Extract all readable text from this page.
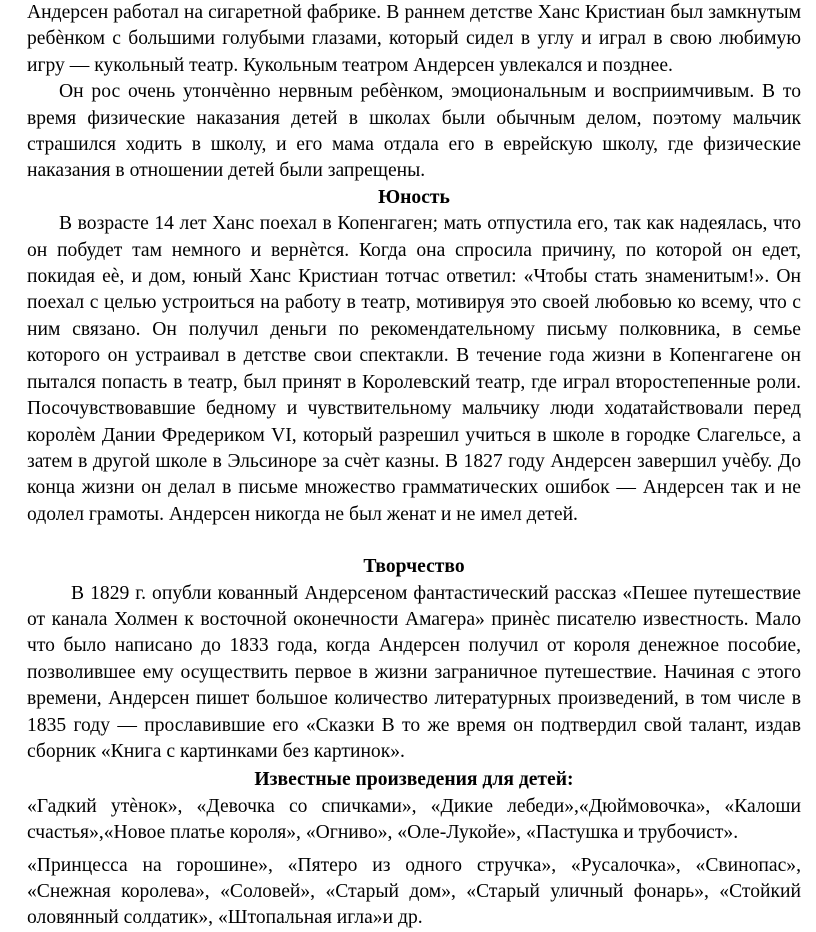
Андерсен работал на сигаретной фабрике. В раннем детстве Ханс Кристиан был замкнутым ребѐнком с большими голубыми глазами, который сидел в углу и играл в свою любимую игру — кукольный театр. Кукольным театром Андерсен увлекался и позднее.

Он рос очень утончѐнно нервным ребѐнком, эмоциональным и восприимчивым. В то время физические наказания детей в школах были обычным делом, поэтому мальчик страшился ходить в школу, и его мама отдала его в еврейскую школу, где физические наказания в отношении детей были запрещены.

Юность

В возрасте 14 лет Ханс поехал в Копенгаген; мать отпустила его, так как надеялась, что он побудет там немного и вернѐтся. Когда она спросила причину, по которой он едет, покидая еѐ, и дом, юный Ханс Кристиан тотчас ответил: «Чтобы стать знаменитым!». Он поехал с целью устроиться на работу в театр, мотивируя это своей любовью ко всему, что с ним связано. Он получил деньги по рекомендательному письму полковника, в семье которого он устраивал в детстве свои спектакли. В течение года жизни в Копенгагене он пытался попасть в театр, был принят в Королевский театр, где играл второстепенные роли. Посочувствовавшие бедному и чувствительному мальчику люди ходатайствовали перед королѐм Дании Фредериком VI, который разрешил учиться в школе в городке Слагельсе, а затем в другой школе в Эльсиноре за счѐт казны. В 1827 году Андерсен завершил учѐбу. До конца жизни он делал в письме множество грамматических ошибок — Андерсен так и не одолел грамоты. Андерсен никогда не был женат и не имел детей.

Творчество

В 1829 г. опубли кованный Андерсеном фантастический рассказ «Пешее путешествие от канала Холмен к восточной оконечности Амагера» принѐс писателю известность. Мало что было написано до 1833 года, когда Андерсен получил от короля денежное пособие, позволившее ему осуществить первое в жизни заграничное путешествие. Начиная с этого времени, Андерсен пишет большое количество литературных произведений, в том числе в 1835 году — прославившие его «Сказки В то же время он подтвердил свой талант, издав сборник «Книга с картинками без картинок».

Известные произведения для детей:

«Гадкий утѐнок», «Девочка со спичками», «Дикие лебеди»,«Дюймовочка», «Калоши счастья»,«Новое платье короля», «Огниво», «Оле-Лукойе», «Пастушка и трубочист».

«Принцесса на горошине», «Пятеро из одного стручка», «Русалочка», «Свинопас», «Снежная королева», «Соловей», «Старый дом», «Старый уличный фонарь», «Стойкий оловянный солдатик», «Штопальная игла»и др.
